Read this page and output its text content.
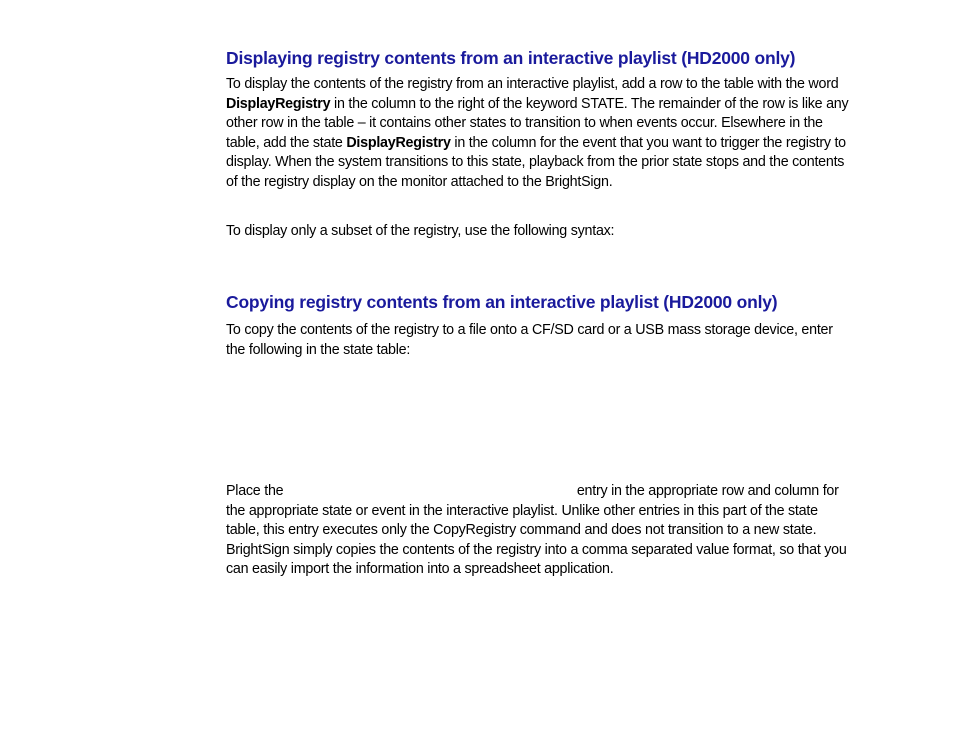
Displaying registry contents from an interactive playlist (HD2000 only)

To display the contents of the registry from an interactive playlist, add a row to the table with the word DisplayRegistry in the column to the right of the keyword STATE. The remainder of the row is like any other row in the table – it contains other states to transition to when events occur. Elsewhere in the table, add the state DisplayRegistry in the column for the event that you want to trigger the registry to display. When the system transitions to this state, playback from the prior state stops and the contents of the registry display on the monitor attached to the BrightSign.

To display only a subset of the registry, use the following syntax:

Copying registry contents from an interactive playlist (HD2000 only)

To copy the contents of the registry to a file onto a CF/SD card or a USB mass storage device, enter the following in the state table:

Place the	entry in the appropriate row and column for the appropriate state or event in the interactive playlist. Unlike other entries in this part of the state table, this entry executes only the CopyRegistry command and does not transition to a new state. BrightSign simply copies the contents of the registry into a comma separated value format, so that you can easily import the information into a spreadsheet application.
